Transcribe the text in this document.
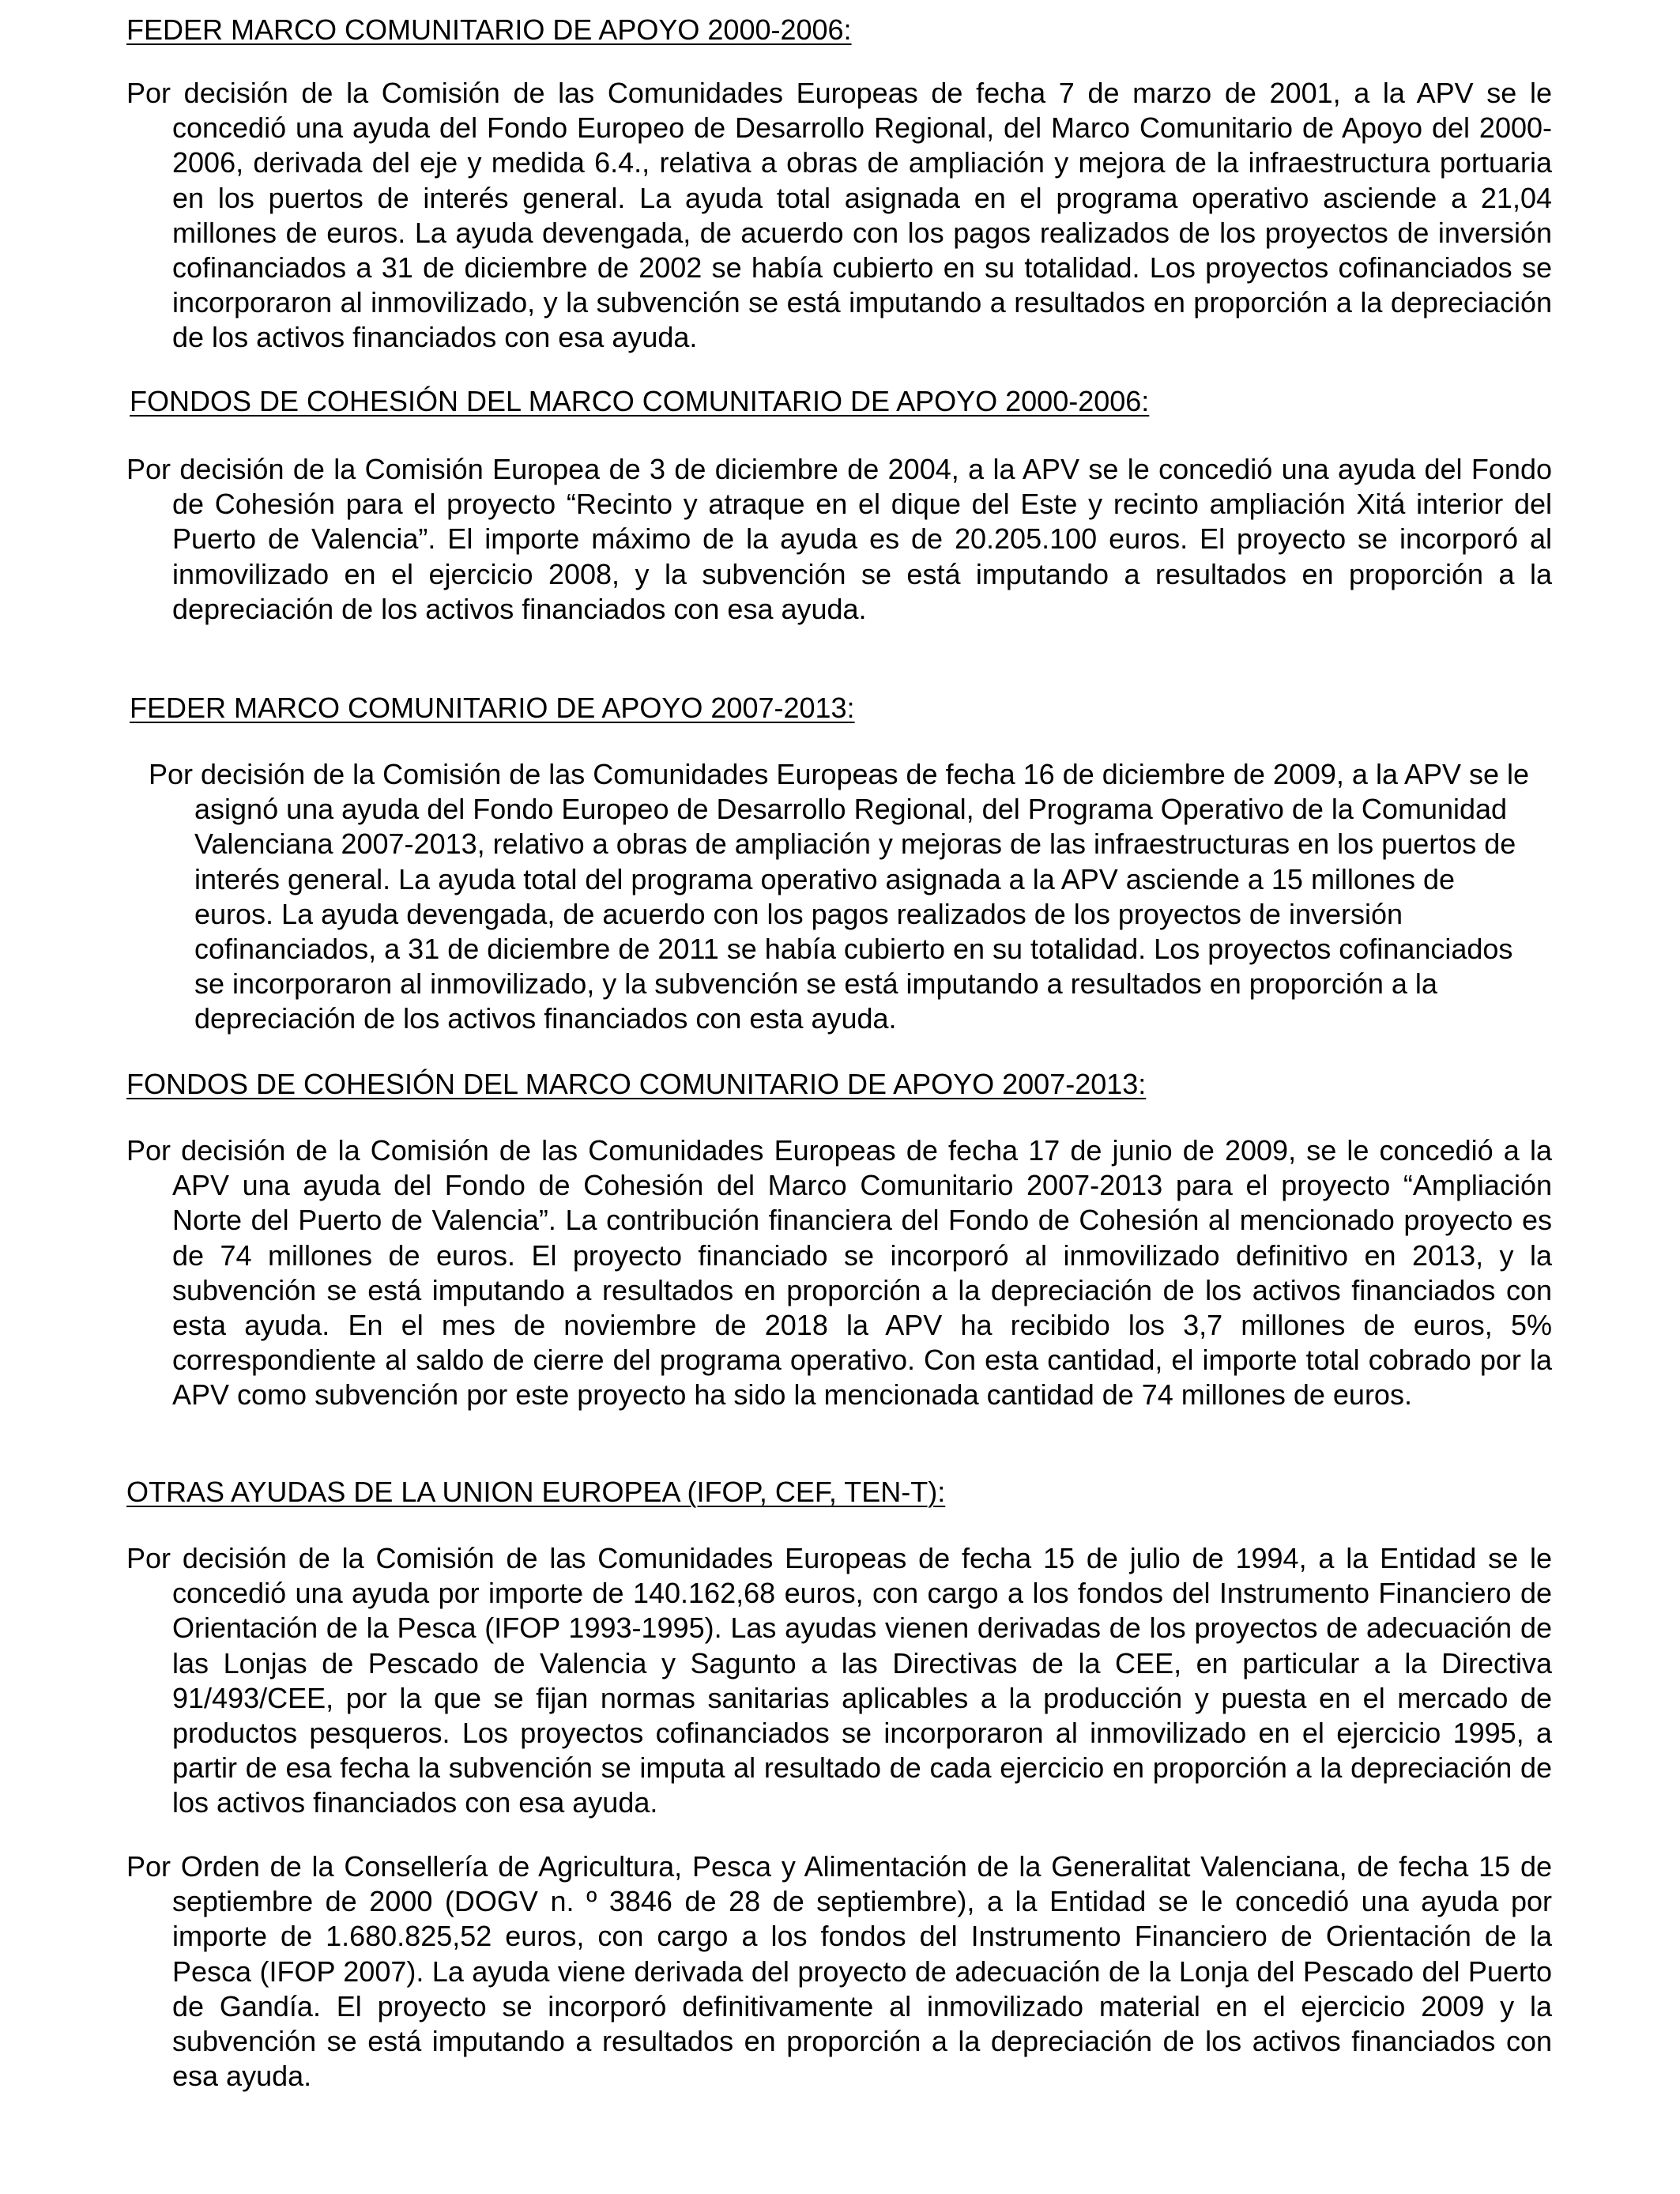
FEDER MARCO COMUNITARIO DE APOYO 2000-2006:

Por decisión de la Comisión de las Comunidades Europeas de fecha 7 de marzo de 2001, a la APV se le concedió una ayuda del Fondo Europeo de Desarrollo Regional, del Marco Comunitario de Apoyo del 2000-2006, derivada del eje y medida 6.4., relativa a obras de ampliación y mejora de la infraestructura portuaria en los puertos de interés general. La ayuda total asignada en el programa operativo asciende a 21,04 millones de euros. La ayuda devengada, de acuerdo con los pagos realizados de los proyectos de inversión cofinanciados a 31 de diciembre de 2002 se había cubierto en su totalidad. Los proyectos cofinanciados se incorporaron al inmovilizado, y la subvención se está imputando a resultados en proporción a la depreciación de los activos financiados con esa ayuda.

FONDOS DE COHESIÓN DEL MARCO COMUNITARIO DE APOYO 2000-2006:

Por decisión de la Comisión Europea de 3 de diciembre de 2004, a la APV se le concedió una ayuda del Fondo de Cohesión para el proyecto “Recinto y atraque en el dique del Este y recinto ampliación Xitá interior del Puerto de Valencia”. El importe máximo de la ayuda es de 20.205.100 euros. El proyecto se incorporó al inmovilizado en el ejercicio 2008, y la subvención se está imputando a resultados en proporción a la depreciación de los activos financiados con esa ayuda.

FEDER MARCO COMUNITARIO DE APOYO 2007-2013:

Por decisión de la Comisión de las Comunidades Europeas de fecha 16 de diciembre de 2009, a la APV se le asignó una ayuda del Fondo Europeo de Desarrollo Regional, del Programa Operativo de la Comunidad Valenciana 2007-2013, relativo a obras de ampliación y mejoras de las infraestructuras en los puertos de interés general. La ayuda total del programa operativo asignada a la APV asciende a 15 millones de euros. La ayuda devengada, de acuerdo con los pagos realizados de los proyectos de inversión cofinanciados, a 31 de diciembre de 2011 se había cubierto en su totalidad. Los proyectos cofinanciados se incorporaron al inmovilizado, y la subvención se está imputando a resultados en proporción a la depreciación de los activos financiados con esta ayuda.

FONDOS DE COHESIÓN DEL MARCO COMUNITARIO DE APOYO 2007-2013:

Por decisión de la Comisión de las Comunidades Europeas de fecha 17 de junio de 2009, se le concedió a la APV una ayuda del Fondo de Cohesión del Marco Comunitario 2007-2013 para el proyecto “Ampliación Norte del Puerto de Valencia”. La contribución financiera del Fondo de Cohesión al mencionado proyecto es de 74 millones de euros. El proyecto financiado se incorporó al inmovilizado definitivo en 2013, y la subvención se está imputando a resultados en proporción a la depreciación de los activos financiados con esta ayuda. En el mes de noviembre de 2018 la APV ha recibido los 3,7 millones de euros, 5% correspondiente al saldo de cierre del programa operativo. Con esta cantidad, el importe total cobrado por la APV como subvención por este proyecto ha sido la mencionada cantidad de 74 millones de euros.

OTRAS AYUDAS DE LA UNION EUROPEA (IFOP, CEF, TEN-T):

Por decisión de la Comisión de las Comunidades Europeas de fecha 15 de julio de 1994, a la Entidad se le concedió una ayuda por importe de 140.162,68 euros, con cargo a los fondos del Instrumento Financiero de Orientación de la Pesca (IFOP 1993-1995). Las ayudas vienen derivadas de los proyectos de adecuación de las Lonjas de Pescado de Valencia y Sagunto a las Directivas de la CEE, en particular a la Directiva 91/493/CEE, por la que se fijan normas sanitarias aplicables a la producción y puesta en el mercado de productos pesqueros. Los proyectos cofinanciados se incorporaron al inmovilizado en el ejercicio 1995, a partir de esa fecha la subvención se imputa al resultado de cada ejercicio en proporción a la depreciación de los activos financiados con esa ayuda.

Por Orden de la Consellería de Agricultura, Pesca y Alimentación de la Generalitat Valenciana, de fecha 15 de septiembre de 2000 (DOGV n. º 3846 de 28 de septiembre), a la Entidad se le concedió una ayuda por importe de 1.680.825,52 euros, con cargo a los fondos del Instrumento Financiero de Orientación de la Pesca (IFOP 2007). La ayuda viene derivada del proyecto de adecuación de la Lonja del Pescado del Puerto de Gandía. El proyecto se incorporó definitivamente al inmovilizado material en el ejercicio 2009 y la subvención se está imputando a resultados en proporción a la depreciación de los activos financiados con esa ayuda.
